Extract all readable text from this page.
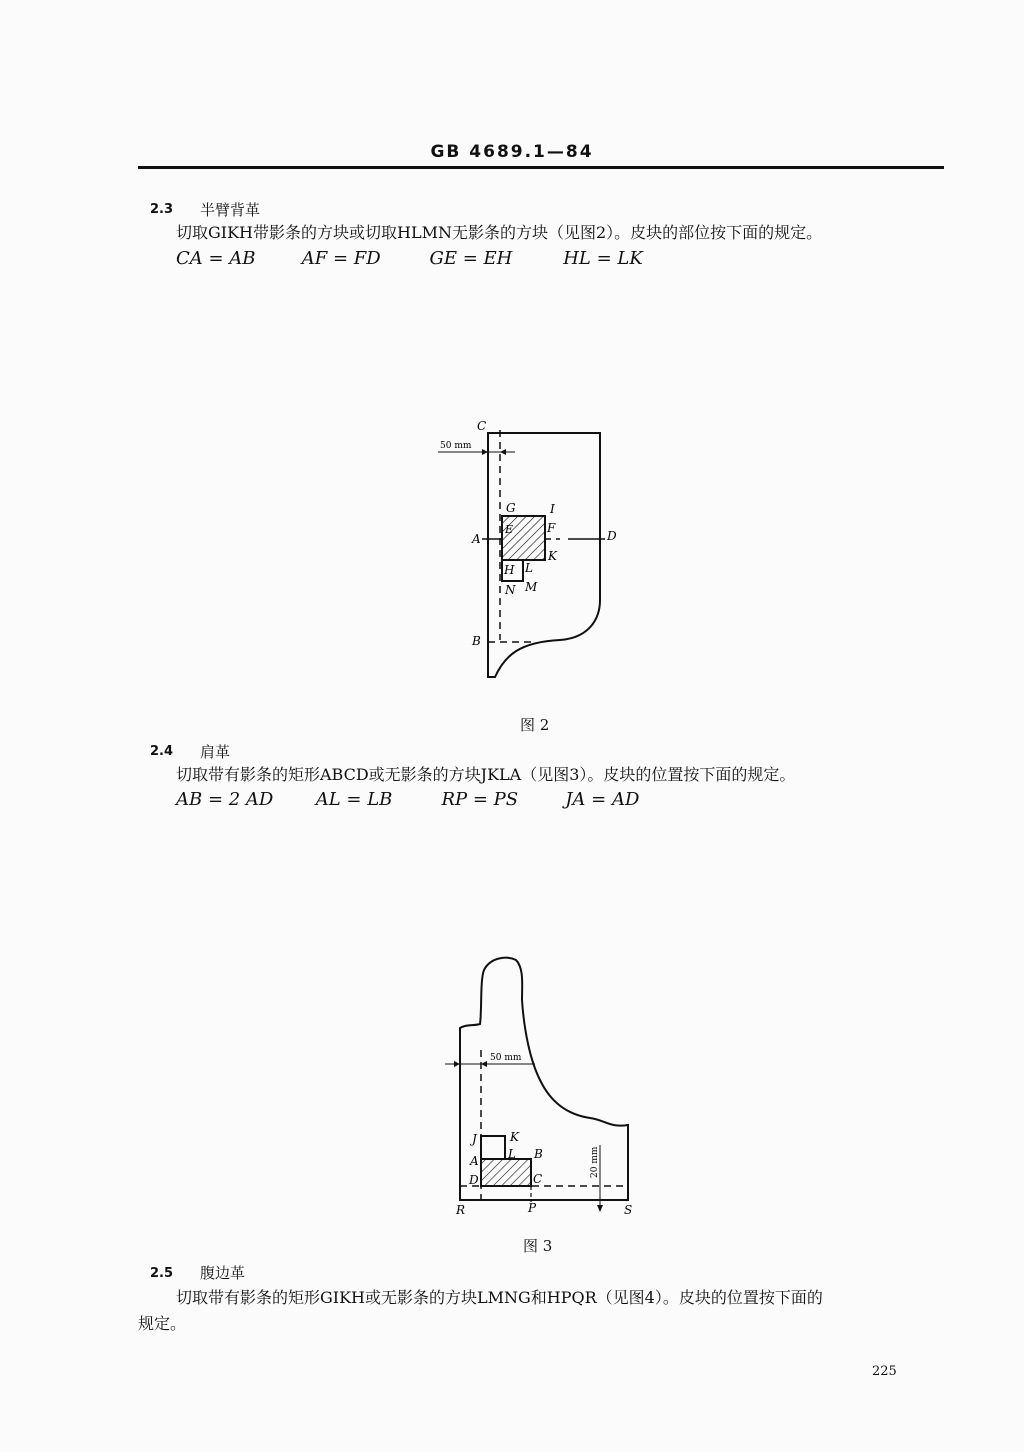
GB 4689.1—84
2.3 半臂背革
切取GIKH带影条的方块或切取HLMN无影条的方块（见图2）。皮块的部位按下面的规定。
CA = AB	AF = FD	GE = EH	HL = LK
50 mm
C
G	I
E	F
A	D
K
H L
N M
B
图 2
2.4 肩革
切取带有影条的矩形ABCD或无影条的方块JKLA（见图3）。皮块的位置按下面的规定。
AB = 2 AD AL = LB	RP = PS	JA = AD
50 mm
20 mm
J	K
A L B
D	C
R	P	S
图 3
2.5 腹边革
切取带有影条的矩形GIKH或无影条的方块LMNG和HPQR（见图4）。皮块的位置按下面的
规定。
225
